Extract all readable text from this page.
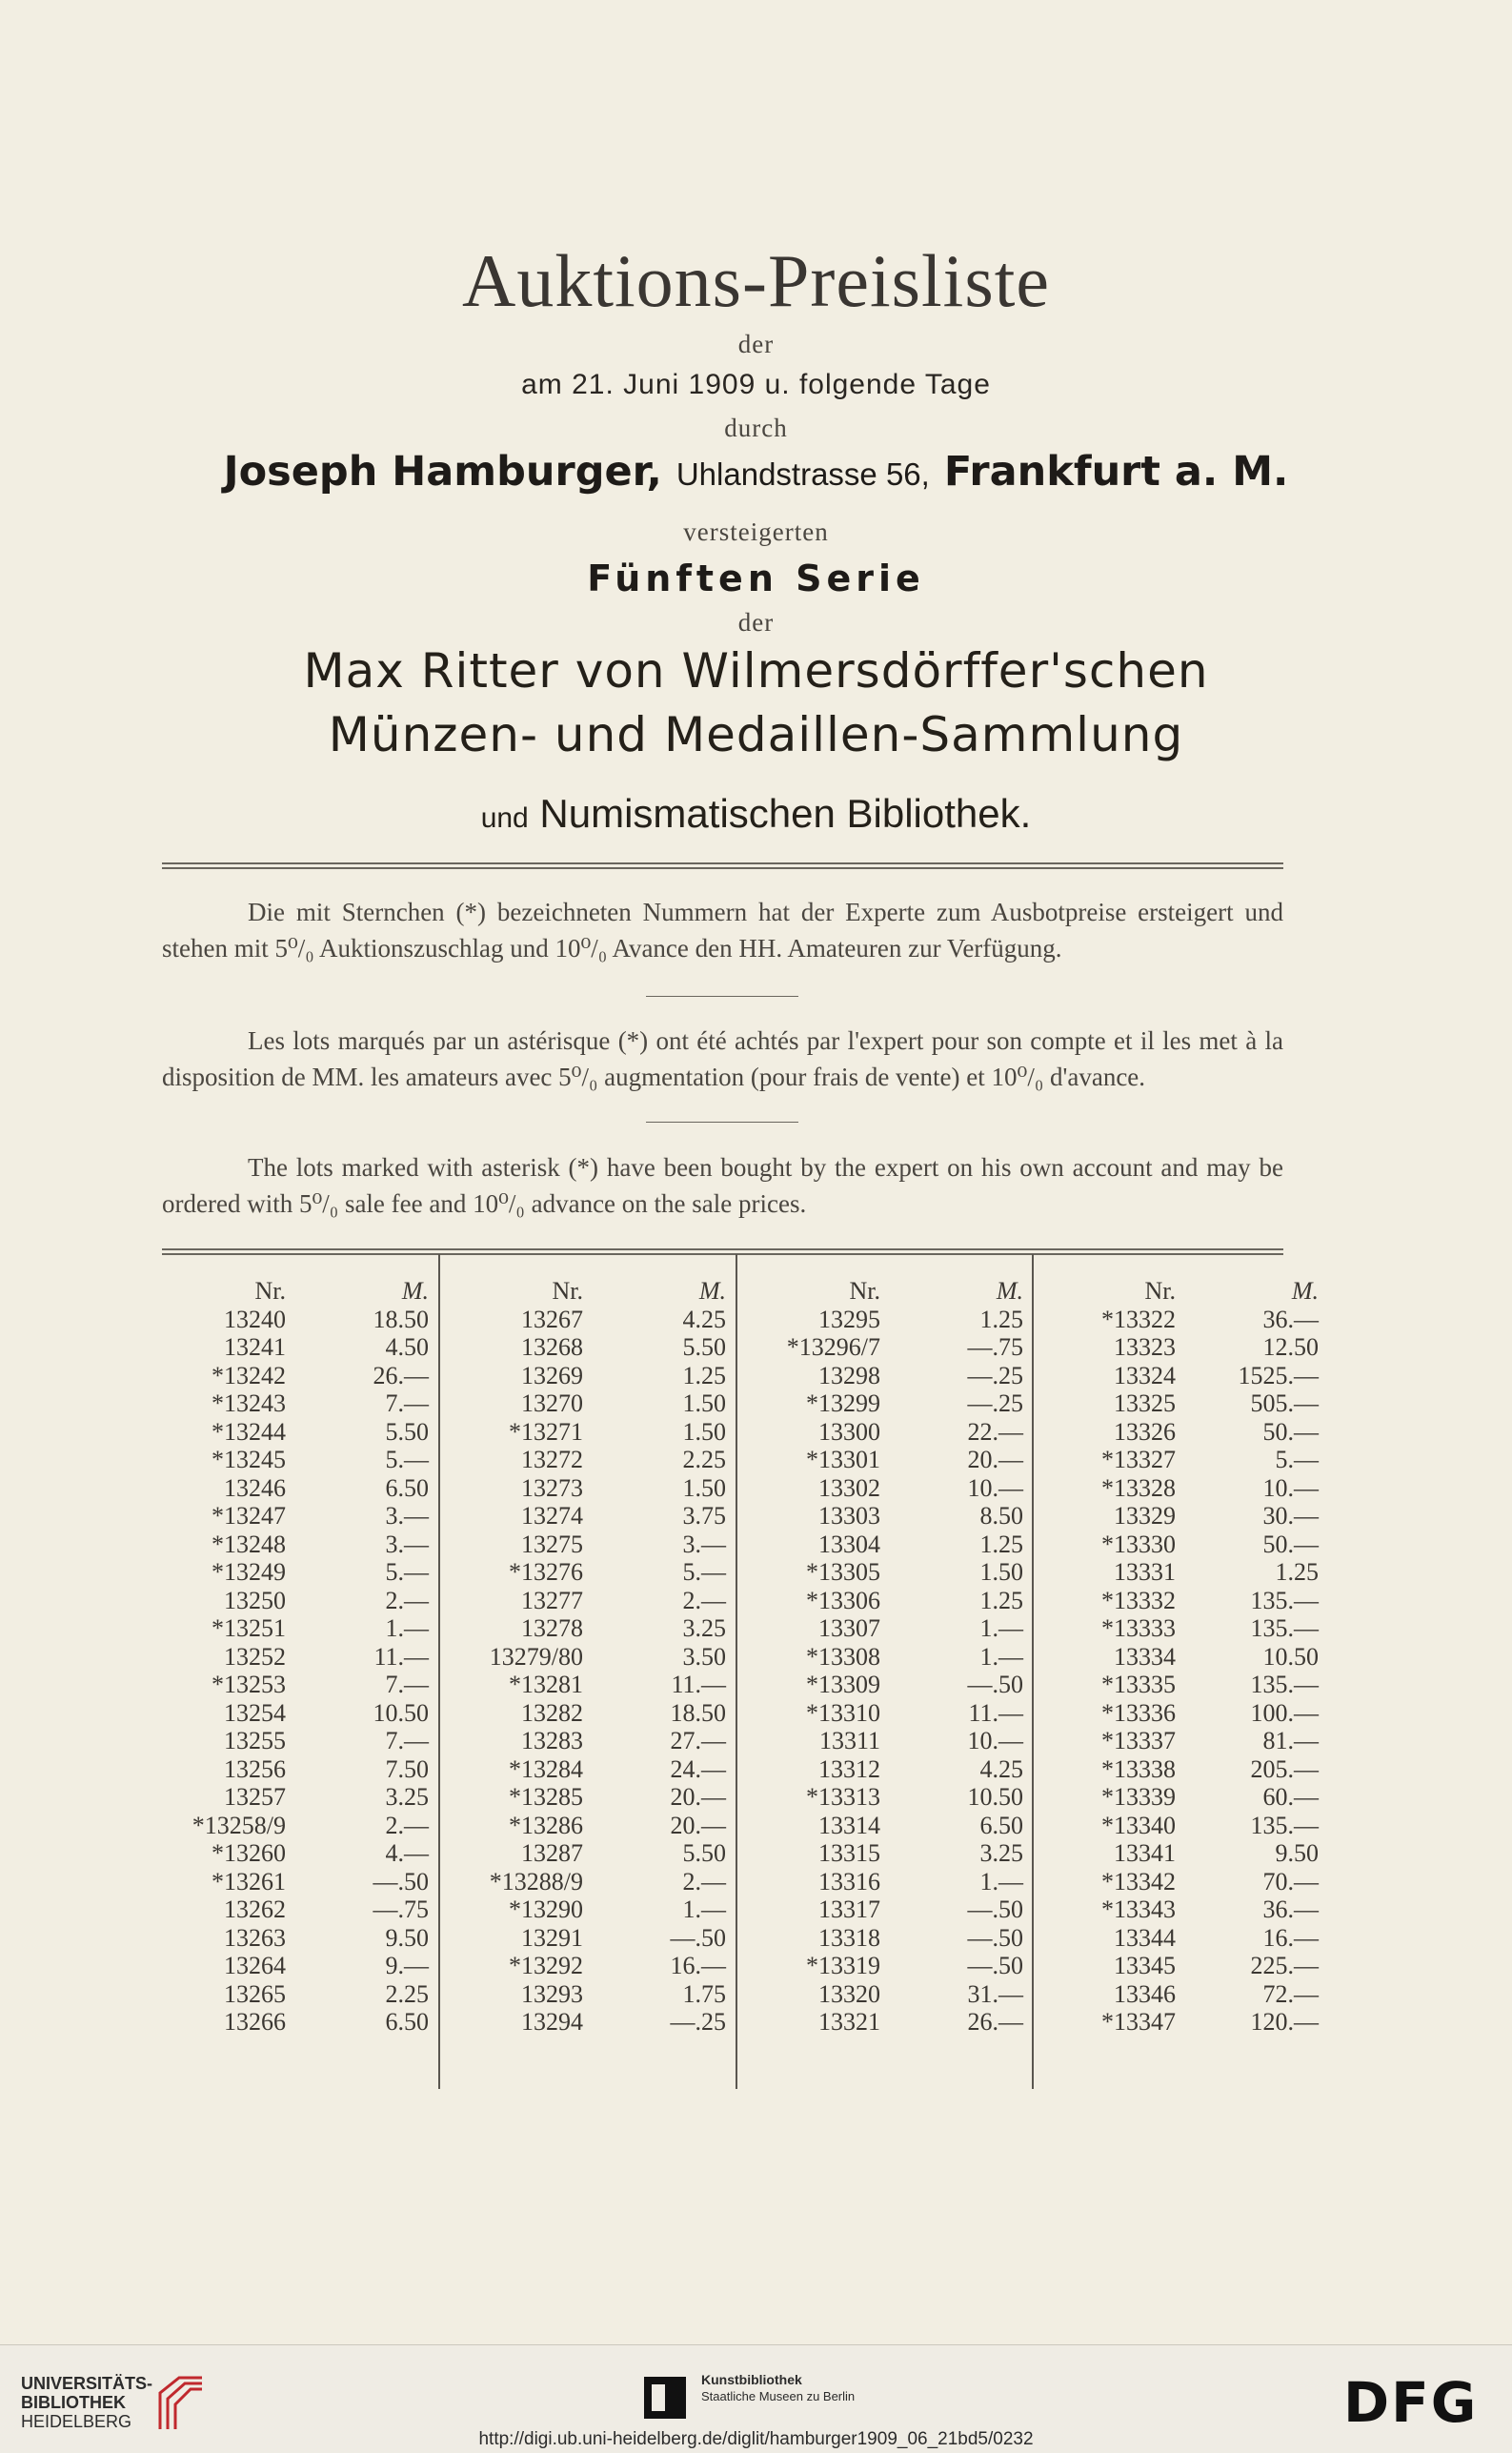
Auktions-Preisliste
der
am 21. Juni 1909 u. folgende Tage
durch
Joseph Hamburger, Uhlandstrasse 56, Frankfurt a. M.
versteigerten
Fünften Serie
der
Max Ritter von Wilmersdörffer'schen
Münzen- und Medaillen-Sammlung
und Numismatischen Bibliothek.
Die mit Sternchen (*) bezeichneten Nummern hat der Experte zum Ausbotpreise ersteigert und stehen mit 5⁰/₀ Auktionszuschlag und 10⁰/₀ Avance den HH. Amateuren zur Verfügung.
Les lots marqués par un astérisque (*) ont été achtés par l'expert pour son compte et il les met à la disposition de MM. les amateurs avec 5⁰/₀ augmentation (pour frais de vente) et 10⁰/₀ d'avance.
The lots marked with asterisk (*) have been bought by the expert on his own account and may be ordered with 5⁰/₀ sale fee and 10⁰/₀ advance on the sale prices.
Nr.	M.
13240	18.50
13241	4.50
*13242	26.—
*13243	7.—
*13244	5.50
*13245	5.—
13246	6.50
*13247	3.—
*13248	3.—
*13249	5.—
13250	2.—
*13251	1.—
13252	11.—
*13253	7.—
13254	10.50
13255	7.—
13256	7.50
13257	3.25
*13258/9	2.—
*13260	4.—
*13261	—.50
13262	—.75
13263	9.50
13264	9.—
13265	2.25
13266	6.50
Nr.	M.
13267	4.25
13268	5.50
13269	1.25
13270	1.50
*13271	1.50
13272	2.25
13273	1.50
13274	3.75
13275	3.—
*13276	5.—
13277	2.—
13278	3.25
13279/80	3.50
*13281	11.—
13282	18.50
13283	27.—
*13284	24.—
*13285	20.—
*13286	20.—
13287	5.50
*13288/9	2.—
*13290	1.—
13291	—.50
*13292	16.—
13293	1.75
13294	—.25
Nr.	M.
13295	1.25
*13296/7	—.75
13298	—.25
*13299	—.25
13300	22.—
*13301	20.—
13302	10.—
13303	8.50
13304	1.25
*13305	1.50
*13306	1.25
13307	1.—
*13308	1.—
*13309	—.50
*13310	11.—
13311	10.—
13312	4.25
*13313	10.50
13314	6.50
13315	3.25
13316	1.—
13317	—.50
13318	—.50
*13319	—.50
13320	31.—
13321	26.—
Nr.	M.
*13322	36.—
13323	12.50
13324	1525.—
13325	505.—
13326	50.—
*13327	5.—
*13328	10.—
13329	30.—
*13330	50.—
13331	1.25
*13332	135.—
*13333	135.—
13334	10.50
*13335	135.—
*13336	100.—
*13337	81.—
*13338	205.—
*13339	60.—
*13340	135.—
13341	9.50
*13342	70.—
*13343	36.—
13344	16.—
13345	225.—
13346	72.—
*13347	120.—
UNIVERSITÄTS-
BIBLIOTHEK
HEIDELBERG
Kunstbibliothek
Staatliche Museen zu Berlin	DFG
http://digi.ub.uni-heidelberg.de/diglit/hamburger1909_06_21bd5/0232
